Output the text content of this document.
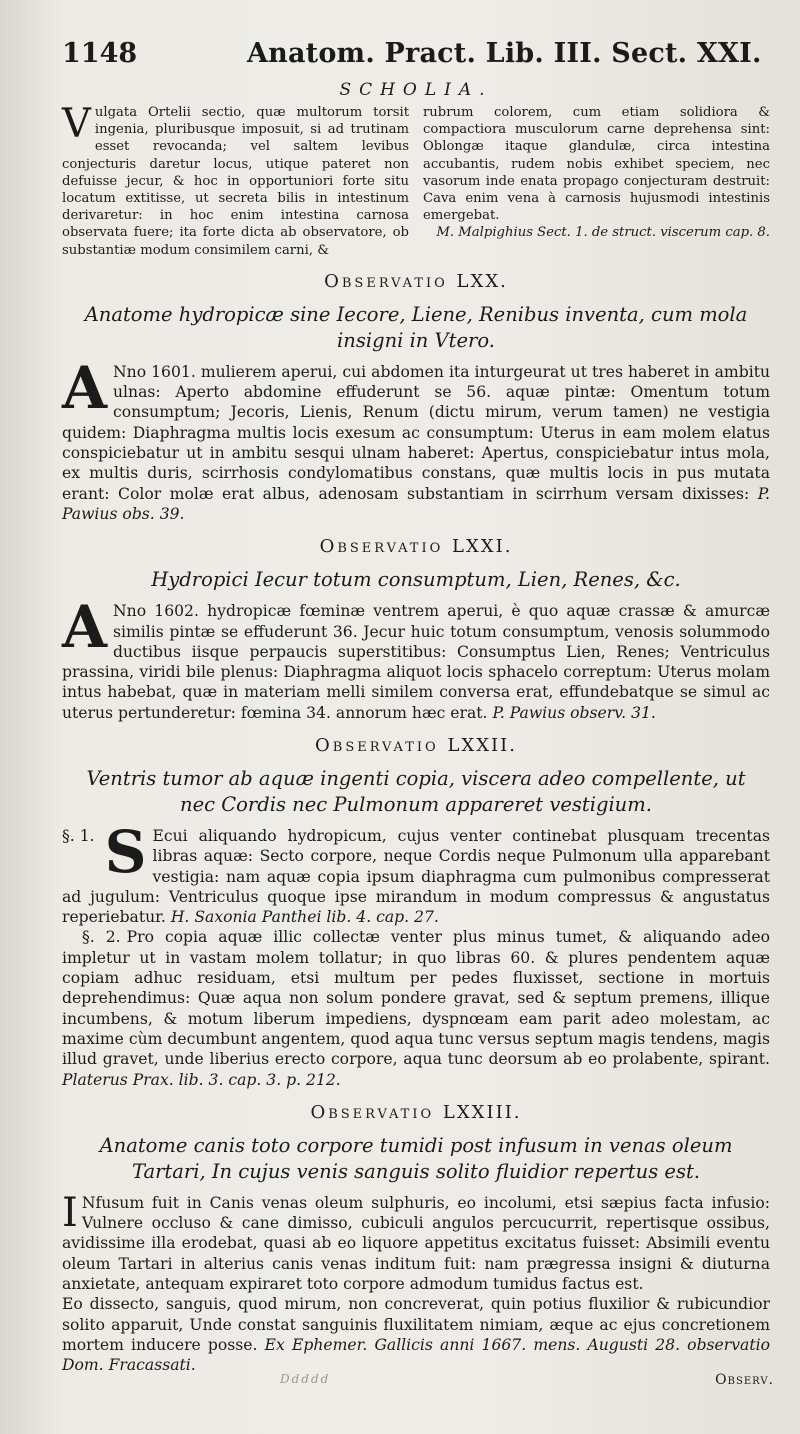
1148	Anatom. Pract. Lib. III. Sect. XXI.
SCHOLIA.
V ulgata Ortelii sectio, quæ multorum torsit ingenia, pluribusque imposuit, si ad trutinam esset revocanda; vel saltem levibus conjecturis daretur locus, utique pateret non defuisse jecur, & hoc in opportuniori forte situ locatum extitisse, ut secreta bilis in intestinum derivaretur: in hoc enim intestina carnosa observata fuere; ita forte dicta ab observatore, ob substantiæ modum consimilem carni, &

rubrum colorem, cum etiam solidiora & compactiora musculorum carne deprehensa sint: Oblongæ itaque glandulæ, circa intestina accubantis, rudem nobis exhibet speciem, nec vasorum inde enata propago conjecturam destruit: Cava enim vena à carnosis hujusmodi intestinis emergebat.

M. Malpighius Sect. 1. de struct. viscerum cap. 8.
Observatio LXX.
Anatome hydropicæ sine Iecore, Liene, Renibus inventa, cum mola insigni in Vtero.

A Nno 1601. mulierem aperui, cui abdomen ita inturgeurat ut tres haberet in ambitu ulnas: Aperto abdomine effuderunt se 56. aquæ pintæ: Omentum totum consumptum; Jecoris, Lienis, Renum (dictu mirum, verum tamen) ne vestigia quidem: Diaphragma multis locis exesum ac consumptum: Uterus in eam molem elatus conspiciebatur ut in ambitu sesqui ulnam haberet: Apertus, conspiciebatur intus mola, ex multis duris, scirrhosis condylomatibus constans, quæ multis locis in pus mutata erant: Color molæ erat albus, adenosam substantiam in scirrhum versam dixisses: P. Pawius obs. 39.

Observatio LXXI.
Hydropici Iecur totum consumptum, Lien, Renes, &c.

A Nno 1602. hydropicæ fœminæ ventrem aperui, è quo aquæ crassæ & amurcæ similis pintæ se effuderunt 36. Jecur huic totum consumptum, venosis solummodo ductibus iisque perpaucis superstitibus: Consumptus Lien, Renes; Ventriculus prassina, viridi bile plenus: Diaphragma aliquot locis sphacelo correptum: Uterus molam intus habebat, quæ in materiam melli similem conversa erat, effundebatque se simul ac uterus pertunderetur: fœmina 34. annorum hæc erat. P. Pawius observ. 31.

Observatio LXXII.
Ventris tumor ab aquæ ingenti copia, viscera adeo compellente, ut nec Cordis nec Pulmonum appareret vestigium.

§. 1. S Ecui aliquando hydropicum, cujus venter continebat plusquam trecentas libras aquæ: Secto corpore, neque Cordis neque Pulmonum ulla apparebant vestigia: nam aquæ copia ipsum diaphragma cum pulmonibus compresserat ad jugulum: Ventriculus quoque ipse mirandum in modum compressus & angustatus reperiebatur. H. Saxonia Panthei lib. 4. cap. 27.

§. 2. Pro copia aquæ illic collectæ venter plus minus tumet, & aliquando adeo impletur ut in vastam molem tollatur; in quo libras 60. & plures pendentem aquæ copiam adhuc residuam, etsi multum per pedes fluxisset, sectione in mortuis deprehendimus: Quæ aqua non solum pondere gravat, sed & septum premens, illique incumbens, & motum liberum impediens, dyspnœam eam parit adeo molestam, ac maxime cùm decumbunt angentem, quod aqua tunc versus septum magis tendens, magis illud gravet, unde liberius erecto corpore, aqua tunc deorsum ab eo prolabente, spirant. Platerus Prax. lib. 3. cap. 3. p. 212.

Observatio LXXIII.
Anatome canis toto corpore tumidi post infusum in venas oleum Tartari, In cujus venis sanguis solito fluidior repertus est.

I Nfusum fuit in Canis venas oleum sulphuris, eo incolumi, etsi sæpius facta infusio: Vulnere occluso & cane dimisso, cubiculi angulos percucurrit, repertisque ossibus, avidissime illa erodebat, quasi ab eo liquore appetitus excitatus fuisset: Absimili eventu oleum Tartari in alterius canis venas inditum fuit: nam prægressa insigni & diuturna anxietate, antequam expiraret toto corpore admodum tumidus factus est.

Eo dissecto, sanguis, quod mirum, non concreverat, quin potius fluxilior & rubicundior solito apparuit, Unde constat sanguinis fluxilitatem nimiam, æque ac ejus concretionem mortem inducere posse. Ex Ephemer. Gallicis anni 1667. mens. Augusti 28. observatio Dom. Fracassati.

Ddddd	Observ.
